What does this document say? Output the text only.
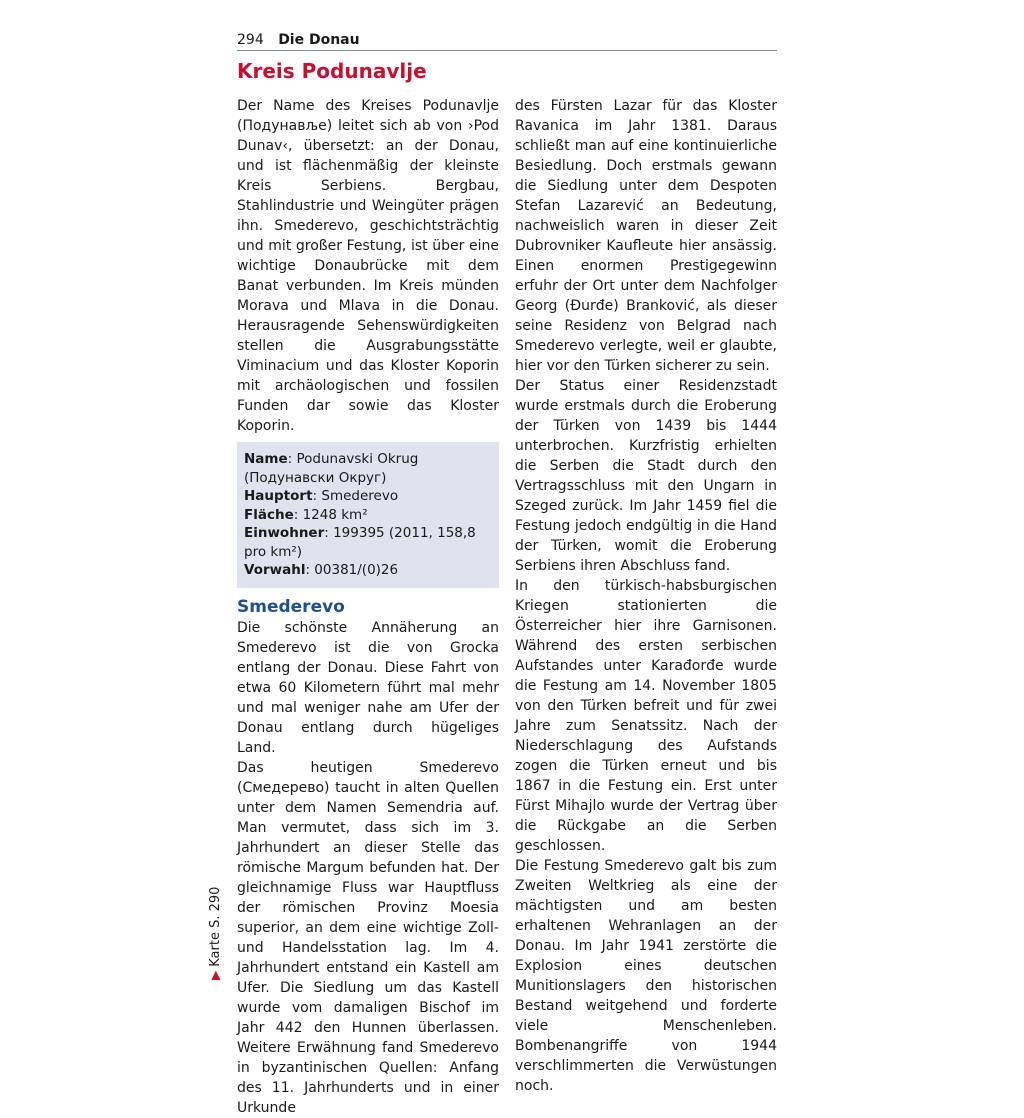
294 Die Donau
Kreis Podunavlje

Der Name des Kreises Podunavlje (Подунавље) leitet sich ab von ›Pod Dunav‹, übersetzt: an der Donau, und ist flächenmäßig der kleinste Kreis Serbiens. Bergbau, Stahlindustrie und Weingüter prägen ihn. Smederevo, geschichtsträchtig und mit großer Festung, ist über eine wichtige Donaubrücke mit dem Banat verbunden. Im Kreis münden Morava und Mlava in die Donau. Herausragende Sehenswürdigkeiten stellen die Ausgrabungsstätte Viminacium und das Kloster Koporin mit archäologischen und fossilen Funden dar sowie das Kloster Koporin.

Name: Podunavski Okrug (Подунавски Округ)
Hauptort: Smederevo
Fläche: 1248 km²
Einwohner: 199395 (2011, 158,8 pro km²)
Vorwahl: 00381/(0)26
Smederevo

Die schönste Annäherung an Smederevo ist die von Grocka entlang der Donau. Diese Fahrt von etwa 60 Kilometern führt mal mehr und mal weniger nahe am Ufer der Donau entlang durch hügeliges Land.

Das heutigen Smederevo (Смедерево) taucht in alten Quellen unter dem Namen Semendria auf. Man vermutet, dass sich im 3. Jahrhundert an dieser Stelle das römische Margum befunden hat. Der gleichnamige Fluss war Hauptfluss der römischen Provinz Moesia superior, an dem eine wichtige Zoll- und Handelsstation lag. Im 4. Jahrhundert entstand ein Kastell am Ufer. Die Siedlung um das Kastell wurde vom damaligen Bischof im Jahr 442 den Hunnen überlassen. Weitere Erwähnung fand Smederevo in byzantinischen Quellen: Anfang des 11. Jahrhunderts und in einer Urkunde

des Fürsten Lazar für das Kloster Ravanica im Jahr 1381. Daraus schließt man auf eine kontinuierliche Besiedlung. Doch erstmals gewann die Siedlung unter dem Despoten Stefan Lazarević an Bedeutung, nachweislich waren in dieser Zeit Dubrovniker Kaufleute hier ansässig. Einen enormen Prestigegewinn erfuhr der Ort unter dem Nachfolger Georg (Đurđe) Branković, als dieser seine Residenz von Belgrad nach Smederevo verlegte, weil er glaubte, hier vor den Türken sicherer zu sein.

Der Status einer Residenzstadt wurde erstmals durch die Eroberung der Türken von 1439 bis 1444 unterbrochen. Kurzfristig erhielten die Serben die Stadt durch den Vertragsschluss mit den Ungarn in Szeged zurück. Im Jahr 1459 fiel die Festung jedoch endgültig in die Hand der Türken, womit die Eroberung Serbiens ihren Abschluss fand.

In den türkisch-habsburgischen Kriegen stationierten die Österreicher hier ihre Garnisonen. Während des ersten serbischen Aufstandes unter Karađorđe wurde die Festung am 14. November 1805 von den Türken befreit und für zwei Jahre zum Senatssitz. Nach der Niederschlagung des Aufstands zogen die Türken erneut und bis 1867 in die Festung ein. Erst unter Fürst Mihajlo wurde der Vertrag über die Rückgabe an die Serben geschlossen.

Die Festung Smederevo galt bis zum Zweiten Weltkrieg als eine der mächtigsten und am besten erhaltenen Wehranlagen an der Donau. Im Jahr 1941 zerstörte die Explosion eines deutschen Munitionslagers den historischen Bestand weitgehend und forderte viele Menschenleben. Bombenangriffe von 1944 verschlimmerten die Verwüstungen noch.

▶Karte S. 290
